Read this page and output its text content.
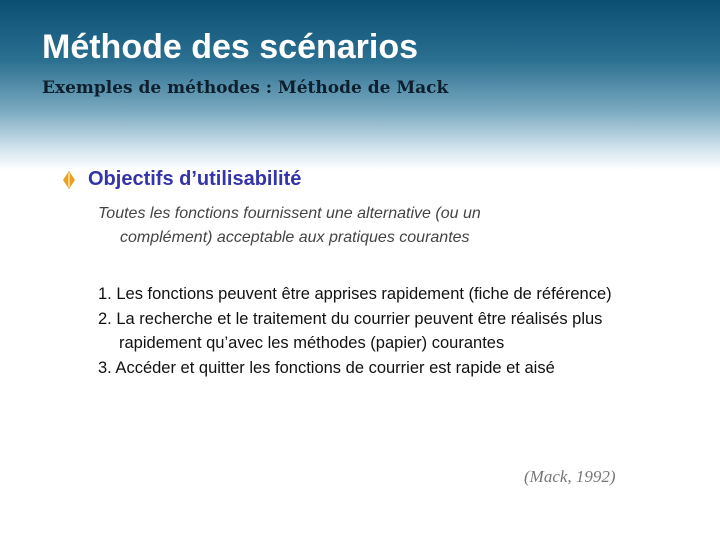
Méthode des scénarios
Exemples de méthodes : Méthode de Mack
Objectifs d’utilisabilité
Toutes les fonctions fournissent une alternative (ou un
complément) acceptable aux pratiques courantes
1. Les fonctions peuvent être apprises rapidement (fiche de référence)
2. La recherche et le traitement du courrier peuvent être réalisés plus rapidement qu’avec les méthodes (papier) courantes
3. Accéder et quitter les fonctions de courrier est rapide et aisé
(Mack, 1992)
